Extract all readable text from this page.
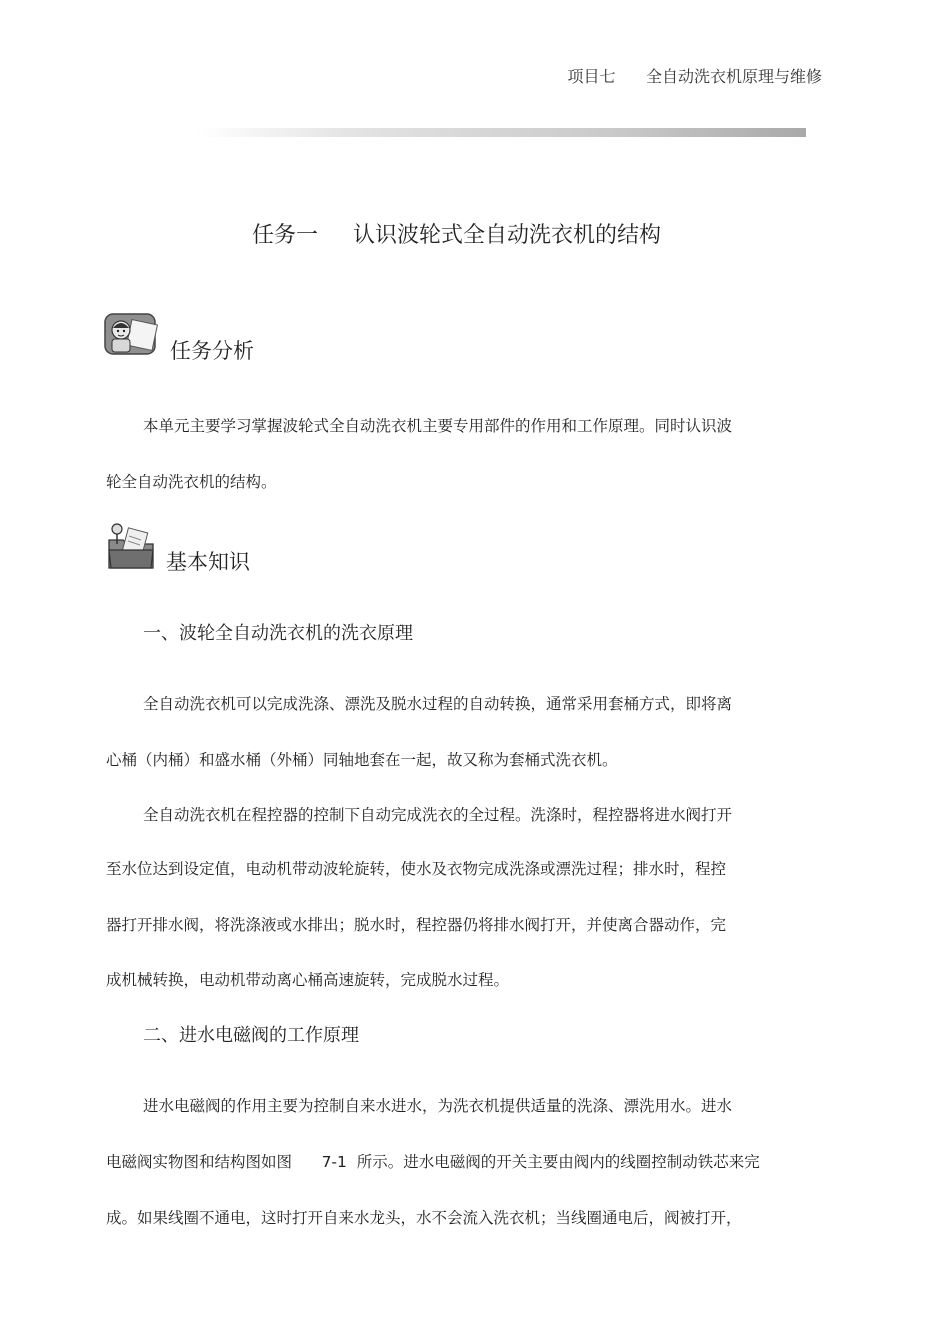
项目七 全自动洗衣机原理与维修
任务一 认识波轮式全自动洗衣机的结构
任务分析
本单元主要学习掌握波轮式全自动洗衣机主要专用部件的作用和工作原理。同时认识波
轮全自动洗衣机的结构。
基本知识
一、波轮全自动洗衣机的洗衣原理
全自动洗衣机可以完成洗涤、漂洗及脱水过程的自动转换，通常采用套桶方式，即将离
心桶（内桶）和盛水桶（外桶）同轴地套在一起，故又称为套桶式洗衣机。
全自动洗衣机在程控器的控制下自动完成洗衣的全过程。洗涤时，程控器将进水阀打开
至水位达到设定值，电动机带动波轮旋转，使水及衣物完成洗涤或漂洗过程；排水时，程控
器打开排水阀，将洗涤液或水排出；脱水时，程控器仍将排水阀打开，并使离合器动作，完
成机械转换，电动机带动离心桶高速旋转，完成脱水过程。
二、进水电磁阀的工作原理
进水电磁阀的作用主要为控制自来水进水，为洗衣机提供适量的洗涤、漂洗用水。进水
电磁阀实物图和结构图如图      7-1  所示。进水电磁阀的开关主要由阀内的线圈控制动铁芯来完
成。如果线圈不通电，这时打开自来水龙头，水不会流入洗衣机；当线圈通电后，阀被打开，
